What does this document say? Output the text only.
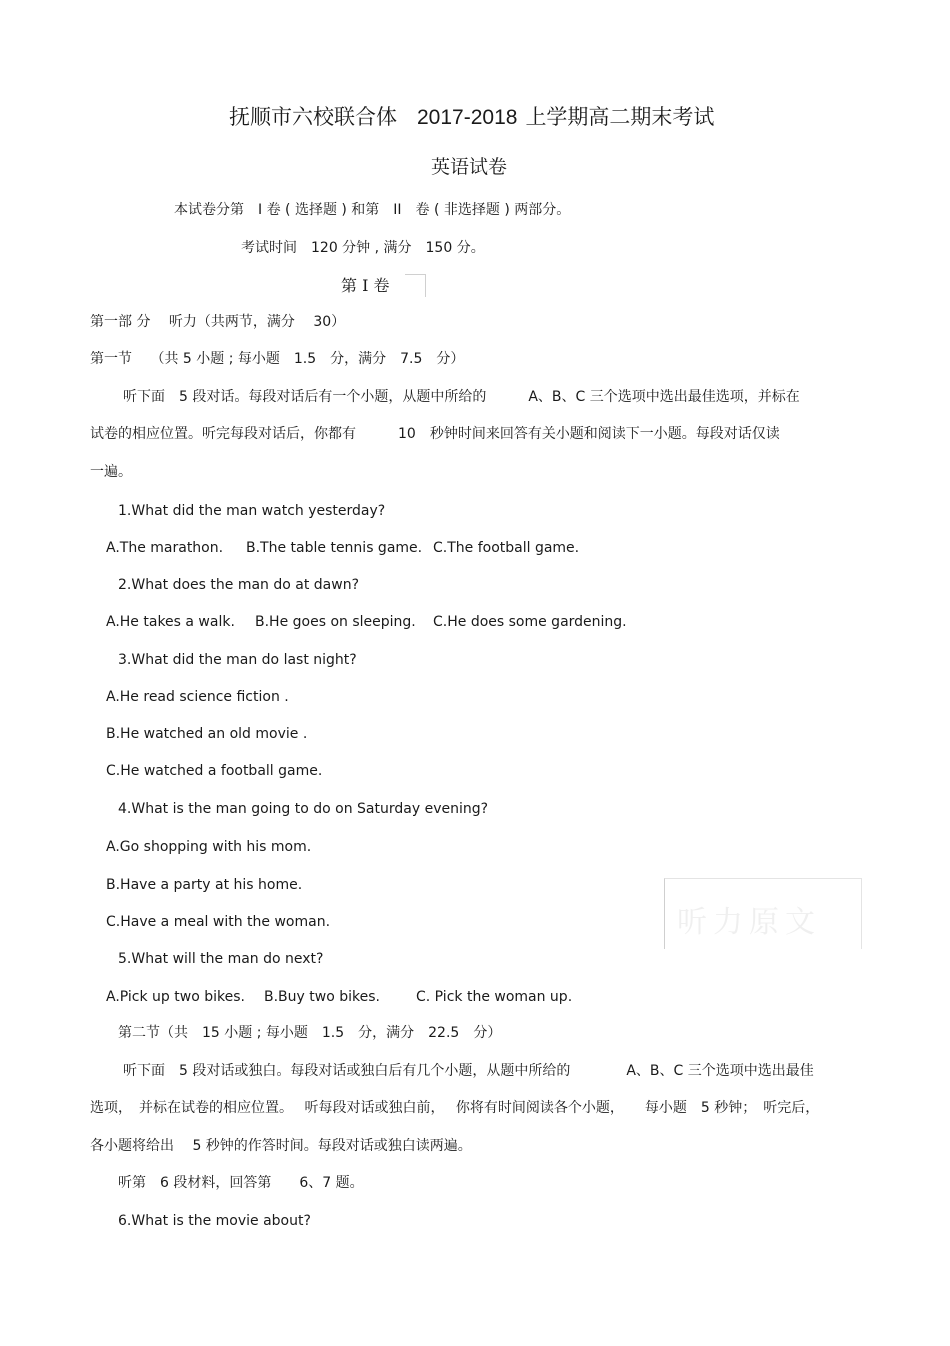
抚顺市六校联合体 2017-2018 上学期高二期末考试
英语试卷
本试卷分第　I 卷 ( 选择题 ) 和第　II　卷 ( 非选择题 ) 两部分。
考试时间　120 分钟 , 满分　150 分。
第 I 卷
第一部 分　 听力（共两节，满分 　30）
第一节　 （共 5 小题 ; 每小题　1.5　分，满分　7.5　分）
听下面　5 段对话。每段对话后有一个小题，从题中所给的　　　A、B、C 三个选项中选出最佳选项，并标在
试卷的相应位置。听完每段对话后，你都有　　　10　秒钟时间来回答有关小题和阅读下一小题。每段对话仅读
一遍。
1.What did the man watch yesterday?
A.The marathon. B.The table tennis game. C.The football game.
2.What does the man do at dawn?
A.He takes a walk. B.He goes on sleeping. C.He does some gardening.
3.What did the man do last night?
A.He read science fiction .
B.He watched an old movie .
C.He watched a football game.
4.What is the man going to do on Saturday evening?
A.Go shopping with his mom.
B.Have a party at his home.
C.Have a meal with the woman.	听力原文
5.What will the man do next?
A.Pick up two bikes. B.Buy two bikes.	C. Pick the woman up.
第二节（共　15 小题 ; 每小题　1.5　分，满分　22.5　分）
听下面　5 段对话或独白。每段对话或独白后有几个小题，从题中所给的　　　　A、B、C 三个选项中选出最佳
选项，　并标在试卷的相应位置。　 听每段对话或独白前，　 你将有时间阅读各个小题，　　每小题　5 秒钟；　听完后，
各小题将给出　 5 秒钟的作答时间。每段对话或独白读两遍。
听第　6 段材料，回答第　　6、7 题。
6.What is the movie about?
